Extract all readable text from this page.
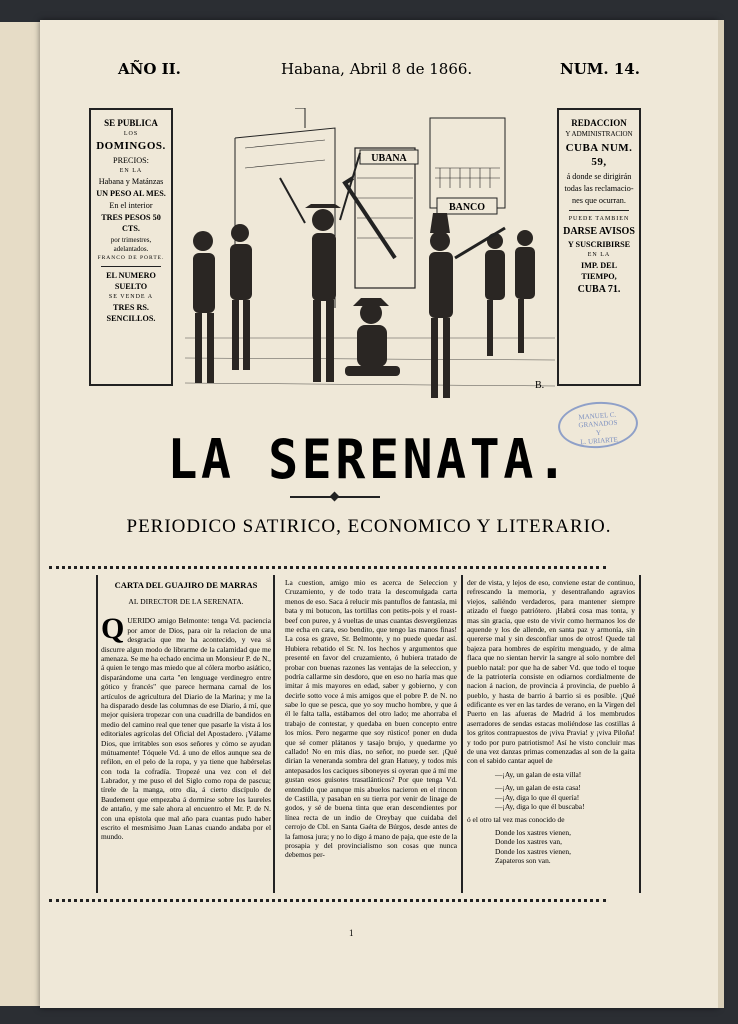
AÑO II.	Habana, Abril 8 de 1866.	NUM. 14.
SE PUBLICA
LOS
DOMINGOS.
PRECIOS:
EN LA
Habana y Matánzas
UN PESO AL MES.
En el interior
TRES PESOS 50 CTS.
por trimestres, adelantados.
FRANCO DE PORTE.
EL NUMERO SUELTO
SE VENDE A
TRES RS. SENCILLOS.
REDACCION
Y ADMINISTRACION
CUBA NUM. 59,
á donde se dirigirán
todas las reclamacio-
nes que ocurran.
PUEDE TAMBIEN
DARSE AVISOS
Y SUSCRIBIRSE
EN LA
IMP. DEL TIEMPO,
CUBA 71.
UBANA
BANCO
B.
MANUEL C. GRANADOS
Y
L. URIARTE
LA SERENATA.
PERIODICO SATIRICO, ECONOMICO Y LITERARIO.
CARTA DEL GUAJIRO DE MARRAS
AL DIRECTOR DE LA SERENATA.
Q UERIDO amigo Belmonte: tenga Vd. paciencia por amor de Dios, para oir la relacion de una desgracia que me ha acontecido, y vea si discurre algun modo de librarme de la calamidad que me amenaza. Se me ha echado encima un Monsieur P. de N., á quien le tengo mas miedo que al cólera morbo asiático, disparándome una carta "en lenguage verdinegro entre gótico y francés" que parece hermana carnal de los artículos de agricultura del Diario de la Marina; y me la ha disparado desde las columnas de ese Diario, á mí, que mejor quisiera tropezar con una cuadrilla de bandidos en medio del camino real que tener que pasarle la vista á los editoriales agrícolas del Oficial del Apostadero. ¡Válame Dios, que irritables son esos señores y cómo se ayudan mútuamente! Tóquele Vd. á uno de ellos aunque sea de refilon, en el pelo de la ropa, y ya tiene que habérselas con toda la cofradía. Tropezé una vez con el del Labrador, y me puso el del Siglo como ropa de pascua; tírele de la manga, otro día, á cierto discípulo de Baudement que empezaba á dormirse sobre los laureles de antaño, y me sale ahora al encuentro el Mr. P. de N. con una epístola que mal año para cuantas pudo haber escrito el mesmísimo Juan Lanas cuando andaba por el mundo.
La cuestion, amigo mio es acerca de Seleccion y Cruzamiento, y de todo trata la descomulgada carta menos de eso. Saca á relucir mis pantuflos de fantasía, mi bata y mi botucon, las tortillas con petits-pois y el roast-beef con puree, y á vueltas de unas cuantas desvergüenzas me echa en cara, eso bendito, que tengo las manos finas! La cosa es grave, Sr. Belmonte, y no puede quedar así. Hubiera rebatido el Sr. N. los hechos y argumentos que presenté en favor del cruzamiento, ó hubiera tratado de probar con buenas razones las ventajas de la seleccion, y podría callarme sin desdoro, que en eso no haría mas que imitar á mis mayores en edad, saber y gobierno, y con decirle sotto voce á mis amigos que el pobre P. de N. no sabe lo que se pesca, que yo soy mucho hombre, y que á él le falta talla, estábamos del otro lado; me ahorraba el trabajo de contestar, y quedaba en buen concepto entre los míos. Pero negarme que soy rústico! poner en duda que sé comer plátanos y tasajo brujo, y quedarme yo callado! No en mis días, no señor, no puede ser. ¡Qué dirian la veneranda sombra del gran Hatuey, y todos mis antepasados los caciques siboneyes si oyeran que á mí me gustan esos guisotes trasatlánticos? Por que tenga Vd. entendido que aunque mis abuelos nacieron en el rincon de Castilla, y pasaban en su tierra por venir de linage de godos, y sé de buena tinta que eran descendientes por línea recta de un indio de Oreybay que cuidaba del cerrojo de Cbl. en Santa Gaéta de Búrgos, desde antes de la famosa jura; y no lo digo á mano de paja, que este de la prosapia y del provincialismo son cosas que nunca debemos per-
der de vista, y lejos de eso, conviene estar de continuo, refrescando la memoria, y desentrañando agravios viejos, saliéndo verdaderos, para mantener siempre atizado el fuego patriótero. ¡Habrá cosa mas tonta, y mas sin gracia, que esto de vivir como hermanos los de aquende y los de allende, en santa paz y armonía, sin quererse mal y sin desconfiar unos de otros! Quede tal bajeza para hombres de espíritu menguado, y de alma flaca que no sientan hervir la sangre al solo nombre del pueblo natal: por que ha de saber Vd. que todo el toque de la patriotería consiste en odiarnos cordialmente de nacion á nacion, de provincia á provincia, de pueblo á pueblo, y hasta de barrio á barrio si es posible. ¡Qué edificante es ver en las tardes de verano, en la Virgen del Puerto en las afueras de Madrid á los membrudos aserradores de sendas estacas moliéndose las costillas á los gritos contrapuestos de ¡viva Pravia! y ¡viva Piloña! y todo por puro patriotismo! Así he visto concluir mas de una vez danzas primas comenzadas al son de la gaita con el sabido cantar aquel de
—¡Ay, un galan de esta villa!
—¡Ay, un galan de esta casa!
—¡Ay, diga lo que él quería!
—¡Ay, diga lo que él buscaba!
ó el otro tal vez mas conocido de
Donde los xastres vienen,
Donde los xastres van,
Donde los xastres vienen,
Zapateros son van.
1
